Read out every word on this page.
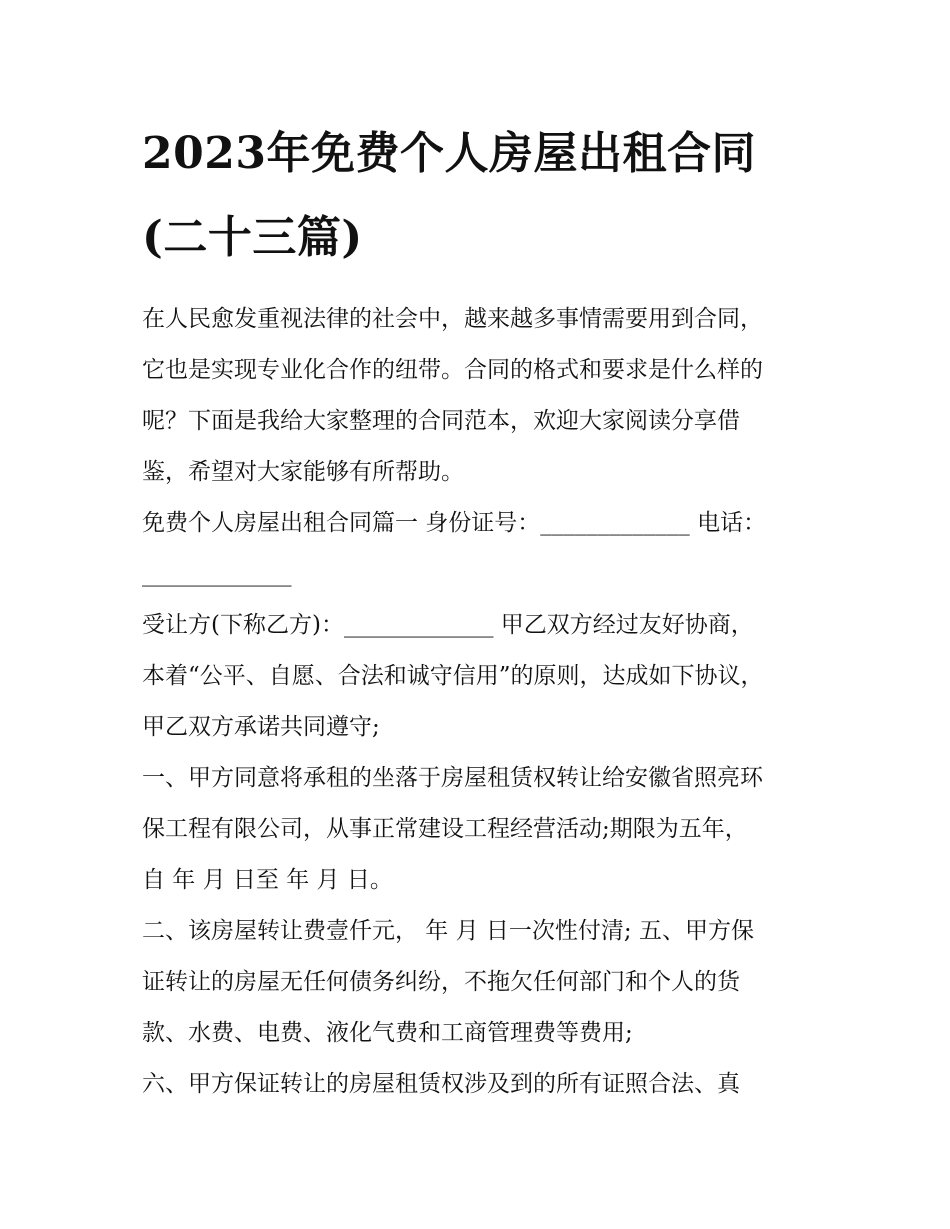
2023年免费个人房屋出租合同
(二十三篇)

在人民愈发重视法律的社会中，越来越多事情需要用到合同，
它也是实现专业化合作的纽带。合同的格式和要求是什么样的
呢？下面是我给大家整理的合同范本，欢迎大家阅读分享借
鉴，希望对大家能够有所帮助。

免费个人房屋出租合同篇一 身份证号：_____________ 电话：
_____________

受让方(下称乙方)：_____________ 甲乙双方经过友好协商，
本着“公平、自愿、合法和诚守信用”的原则，达成如下协议，
甲乙双方承诺共同遵守;

一、甲方同意将承租的坐落于房屋租赁权转让给安徽省照亮环
保工程有限公司，从事正常建设工程经营活动;期限为五年，
自 年 月 日至 年 月 日。

二、该房屋转让费壹仟元， 年 月 日一次性付清; 五、甲方保
证转让的房屋无任何债务纠纷，不拖欠任何部门和个人的货
款、水费、电费、液化气费和工商管理费等费用;

六、甲方保证转让的房屋租赁权涉及到的所有证照合法、真
